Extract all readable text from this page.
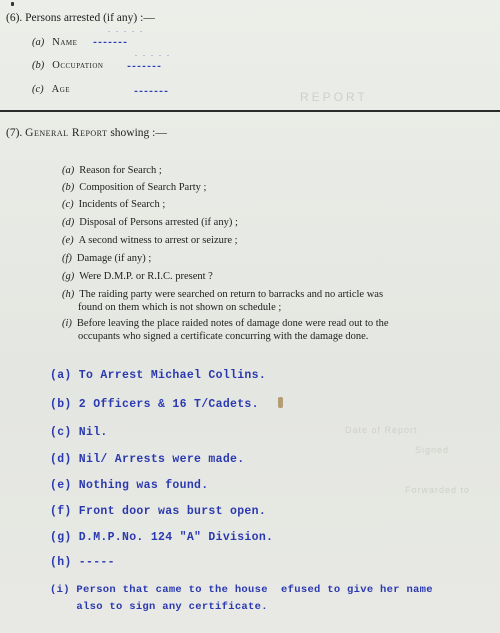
REPORT
Date of Report
Signed
Forwarded to
(6). Persons arrested (if any) :—
. . . . .
(a) Name -------
. . . . .
(b) Occupation -------
(c) Age	-------
(7). General Report showing :—
(a) Reason for Search ;
(b) Composition of Search Party ;
(c) Incidents of Search ;
(d) Disposal of Persons arrested (if any) ;
(e) A second witness to arrest or seizure ;
(f) Damage (if any) ;
(g) Were D.M.P. or R.I.C. present ?
(h) The raiding party were searched on return to barracks and no article was
found on them which is not shown on schedule ;
(i) Before leaving the place raided notes of damage done were read out to the
occupants who signed a certificate concurring with the damage done.
(a) To Arrest Michael Collins.
(b) 2 Officers & 16 T/Cadets.
(c) Nil.
(d) Nil/ Arrests were made.
(e) Nothing was found.
(f) Front door was burst open.
(g) D.M.P.No. 124 "A" Division.
(h) -----
(i) Person that came to the house  efused to give her name
also to sign any certificate.
